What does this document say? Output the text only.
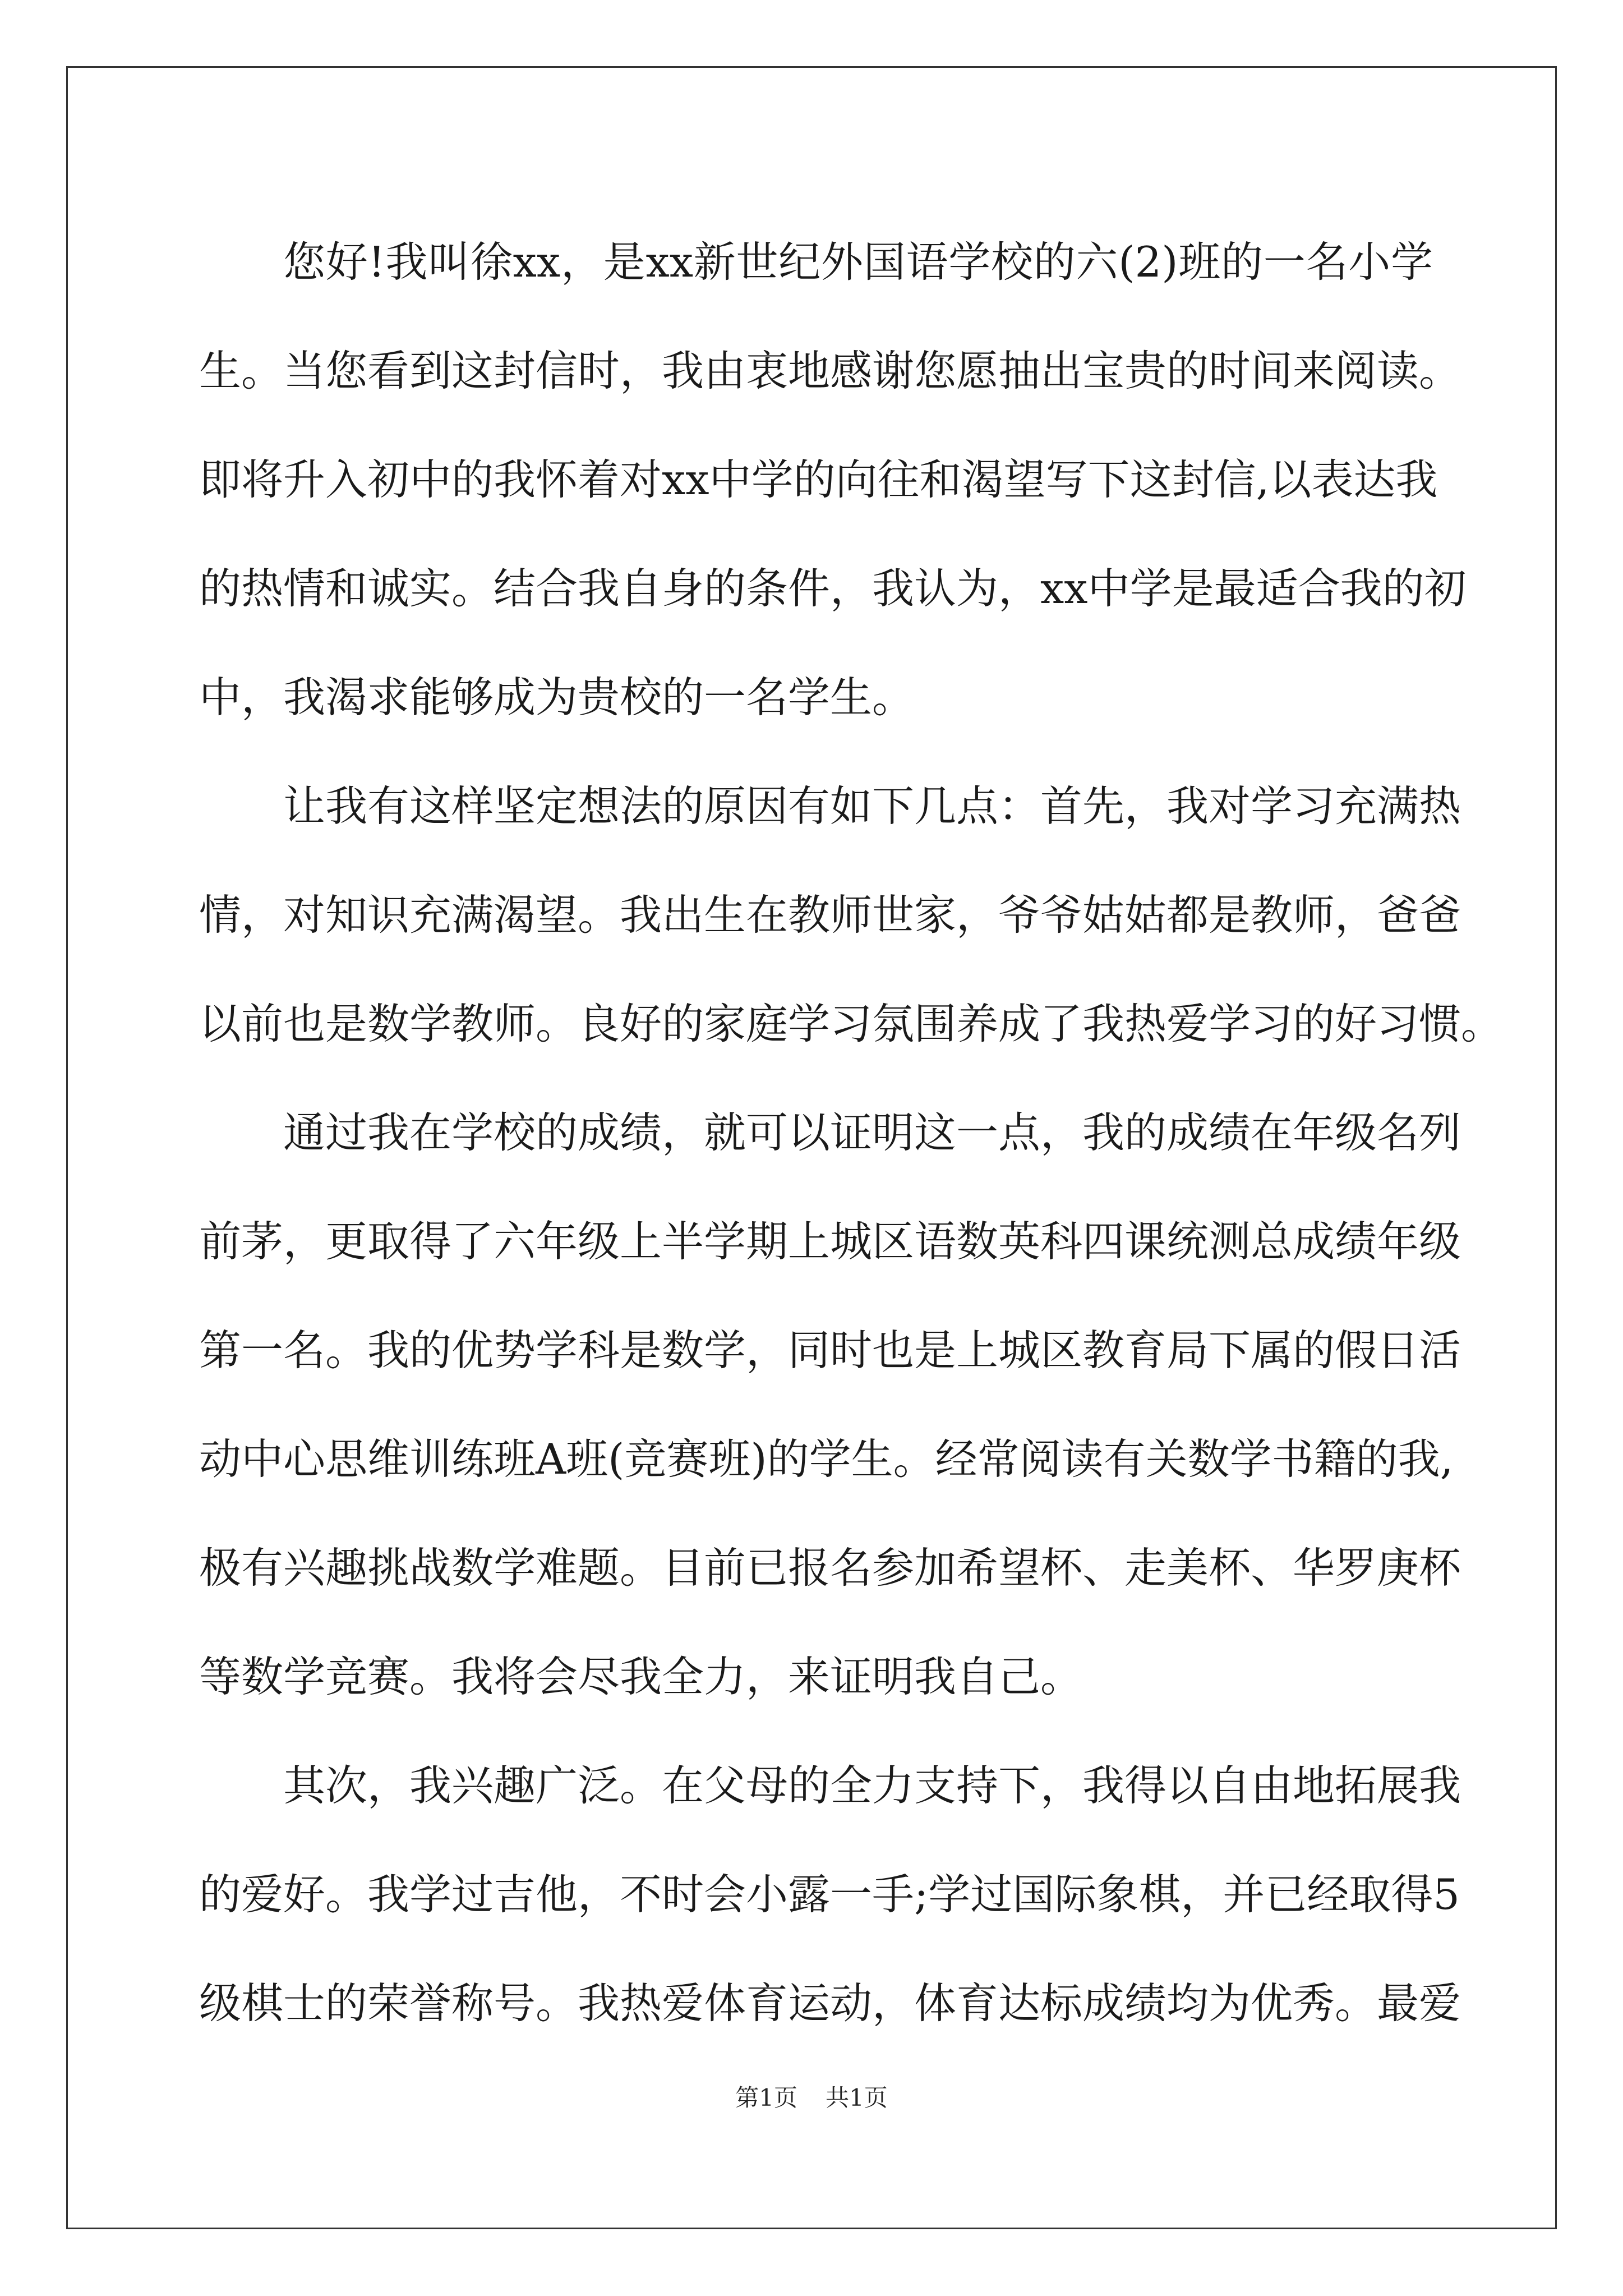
您好!我叫徐xx，是xx新世纪外国语学校的六(2)班的一名小学
生。当您看到这封信时，我由衷地感谢您愿抽出宝贵的时间来阅读。
即将升入初中的我怀着对xx中学的向往和渴望写下这封信,以表达我
的热情和诚实。结合我自身的条件，我认为，xx中学是最适合我的初
中，我渴求能够成为贵校的一名学生。
让我有这样坚定想法的原因有如下几点：首先，我对学习充满热
情，对知识充满渴望。我出生在教师世家，爷爷姑姑都是教师，爸爸
以前也是数学教师。良好的家庭学习氛围养成了我热爱学习的好习惯。
通过我在学校的成绩，就可以证明这一点，我的成绩在年级名列
前茅，更取得了六年级上半学期上城区语数英科四课统测总成绩年级
第一名。我的优势学科是数学，同时也是上城区教育局下属的假日活
动中心思维训练班A班(竞赛班)的学生。经常阅读有关数学书籍的我,
极有兴趣挑战数学难题。目前已报名参加希望杯、走美杯、华罗庚杯
等数学竞赛。我将会尽我全力，来证明我自己。
其次，我兴趣广泛。在父母的全力支持下，我得以自由地拓展我
的爱好。我学过吉他，不时会小露一手;学过国际象棋，并已经取得5
级棋士的荣誉称号。我热爱体育运动，体育达标成绩均为优秀。最爱
第1页 共1页
